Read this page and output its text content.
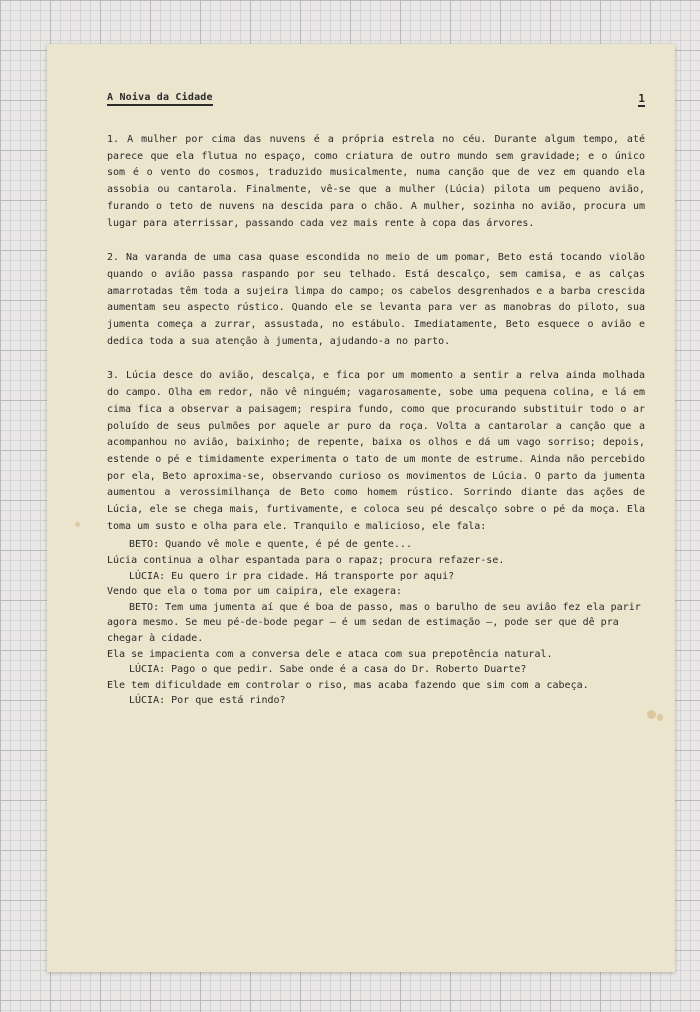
A Noiva da Cidade	1

1. A mulher por cima das nuvens é a própria estrela no céu. Durante algum tempo, até parece que ela flutua no espaço, como criatura de outro mundo sem gravidade; e o único som é o vento do cosmos, traduzido musicalmente, numa canção que de vez em quando ela assobia ou cantarola. Finalmente, vê-se que a mulher (Lúcia) pilota um pequeno avião, furando o teto de nuvens na descida para o chão. A mulher, sozinha no avião, procura um lugar para aterrissar, passando cada vez mais rente à copa das árvores.

2. Na varanda de uma casa quase escondida no meio de um pomar, Beto está tocando violão quando o avião passa raspando por seu telhado. Está descalço, sem camisa, e as calças amarrotadas têm toda a sujeira limpa do campo; os cabelos desgrenhados e a barba crescida aumentam seu aspecto rústico. Quando ele se levanta para ver as manobras do piloto, sua jumenta começa a zurrar, assustada, no estábulo. Imediatamente, Beto esquece o avião e dedica toda a sua atenção à jumenta, ajudando-a no parto.

3. Lúcia desce do avião, descalça, e fica por um momento a sentir a relva ainda molhada do campo. Olha em redor, não vê ninguém; vagarosamente, sobe uma pequena colina, e lá em cima fica a observar a paisagem; respira fundo, como que procurando substituir todo o ar poluído de seus pulmões por aquele ar puro da roça. Volta a cantarolar a canção que a acompanhou no avião, baixinho; de repente, baixa os olhos e dá um vago sorriso; depois, estende o pé e timidamente experimenta o tato de um monte de estrume. Ainda não percebido por ela, Beto aproxima-se, observando curioso os movimentos de Lúcia. O parto da jumenta aumentou a verossimilhança de Beto como homem rústico. Sorrindo diante das ações de Lúcia, ele se chega mais, furtivamente, e coloca seu pé descalço sobre o pé da moça. Ela toma um susto e olha para ele. Tranquilo e malicioso, ele fala:

BETO: Quando vê mole e quente, é pé de gente...

Lúcia continua a olhar espantada para o rapaz; procura refazer-se.

LÚCIA: Eu quero ir pra cidade. Há transporte por aqui?

Vendo que ela o toma por um caipira, ele exagera:

BETO: Tem uma jumenta aí que é boa de passo, mas o barulho de seu avião fez ela parir agora mesmo. Se meu pé-de-bode pegar — é um sedan de estimação —, pode ser que dê pra chegar à cidade.

Ela se impacienta com a conversa dele e ataca com sua prepotência natural.

LÚCIA: Pago o que pedir. Sabe onde é a casa do Dr. Roberto Duarte?

Ele tem dificuldade em controlar o riso, mas acaba fazendo que sim com a cabeça.

LÚCIA: Por que está rindo?
